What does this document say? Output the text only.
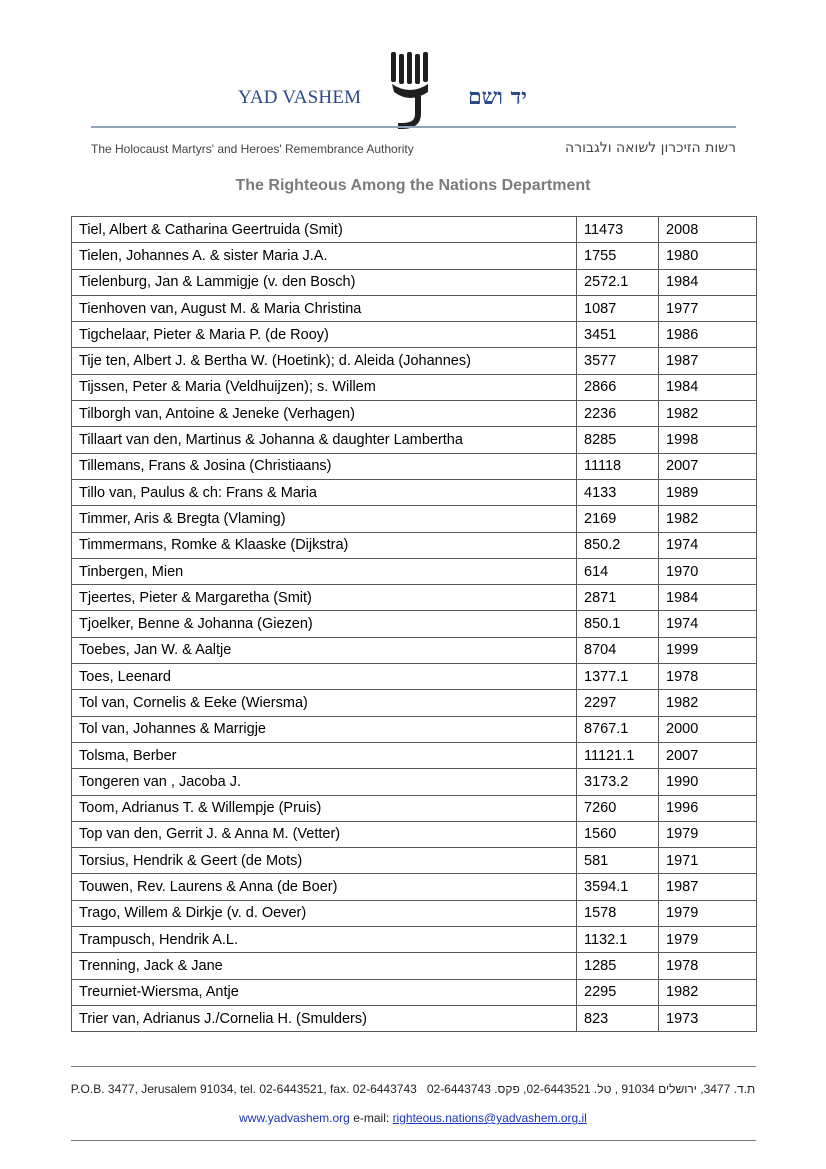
YAD VASHEM	יד ושם
The Holocaust Martyrs' and Heroes' Remembrance Authority	רשות הזיכרון לשואה ולגבורה
The Righteous Among the Nations Department
Tiel, Albert & Catharina Geertruida (Smit)	11473	2008
Tielen, Johannes A. & sister Maria J.A.	1755	1980
Tielenburg, Jan & Lammigje (v. den Bosch)	2572.1	1984
Tienhoven van, August M. & Maria Christina	1087	1977
Tigchelaar, Pieter & Maria P. (de Rooy)	3451	1986
Tije ten, Albert J. & Bertha W. (Hoetink); d. Aleida (Johannes)	3577	1987
Tijssen, Peter & Maria (Veldhuijzen); s. Willem	2866	1984
Tilborgh van, Antoine & Jeneke (Verhagen)	2236	1982
Tillaart van den, Martinus & Johanna & daughter Lambertha	8285	1998
Tillemans, Frans & Josina (Christiaans)	11118	2007
Tillo van, Paulus & ch: Frans & Maria	4133	1989
Timmer, Aris & Bregta (Vlaming)	2169	1982
Timmermans, Romke & Klaaske (Dijkstra)	850.2	1974
Tinbergen, Mien	614	1970
Tjeertes, Pieter & Margaretha (Smit)	2871	1984
Tjoelker, Benne & Johanna (Giezen)	850.1	1974
Toebes, Jan W. & Aaltje	8704	1999
Toes, Leenard	1377.1	1978
Tol van, Cornelis & Eeke (Wiersma)	2297	1982
Tol van, Johannes & Marrigje	8767.1	2000
Tolsma, Berber	11121.1	2007
Tongeren van , Jacoba J.	3173.2	1990
Toom, Adrianus T. & Willempje (Pruis)	7260	1996
Top van den, Gerrit J. & Anna M. (Vetter)	1560	1979
Torsius, Hendrik & Geert (de Mots)	581	1971
Touwen, Rev. Laurens & Anna (de Boer)	3594.1	1987
Trago, Willem & Dirkje (v. d. Oever)	1578	1979
Trampusch, Hendrik A.L.	1132.1	1979
Trenning, Jack & Jane	1285	1978
Treurniet-Wiersma, Antje	2295	1982
Trier van, Adrianus J./Cornelia H. (Smulders)	823	1973
P.O.B. 3477, Jerusalem 91034, tel. 02-6443521, fax. 02-6443743 ת.ד. 3477, ירושלים 91034 , טל. 02-6443521, פקס. 02-6443743
www.yadvashem.org e-mail: righteous.nations@yadvashem.org.il
